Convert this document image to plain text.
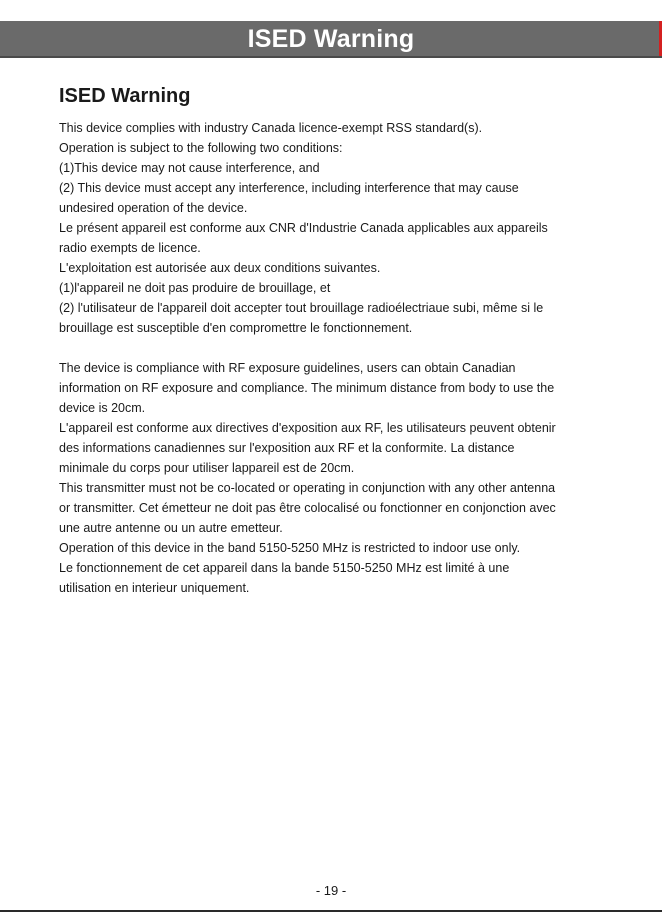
ISED Warning
ISED Warning

This device complies with industry Canada licence-exempt RSS standard(s).

Operation is subject to the following two conditions:

(1)This device may not cause interference, and

(2) This device must accept any interference, including interference that may cause

undesired operation of the device.

Le présent appareil est conforme aux CNR d'Industrie Canada applicables aux appareils

radio exempts de licence.

L'exploitation est autorisée aux deux conditions suivantes.

(1)l'appareil ne doit pas produire de brouillage, et

(2) l'utilisateur de l'appareil doit accepter tout brouillage radioélectriaue subi, même si le

brouillage est susceptible d'en compromettre le fonctionnement.

The device is compliance with RF exposure guidelines, users can obtain Canadian

information on RF exposure and compliance. The minimum distance from body to use the

device is 20cm.

L'appareil est conforme aux directives d'exposition aux RF, les utilisateurs peuvent obtenir

des informations canadiennes sur l'exposition aux RF et la conformite. La distance

minimale du corps pour utiliser lappareil est de 20cm.

This transmitter must not be co-located or operating in conjunction with any other antenna

or transmitter. Cet émetteur ne doit pas être colocalisé ou fonctionner en conjonction avec

une autre antenne ou un autre emetteur.

Operation of this device in the band 5150-5250 MHz is restricted to indoor use only.

Le fonctionnement de cet appareil dans la bande 5150-5250 MHz est limité à une

utilisation en interieur uniquement.

- 19 -
